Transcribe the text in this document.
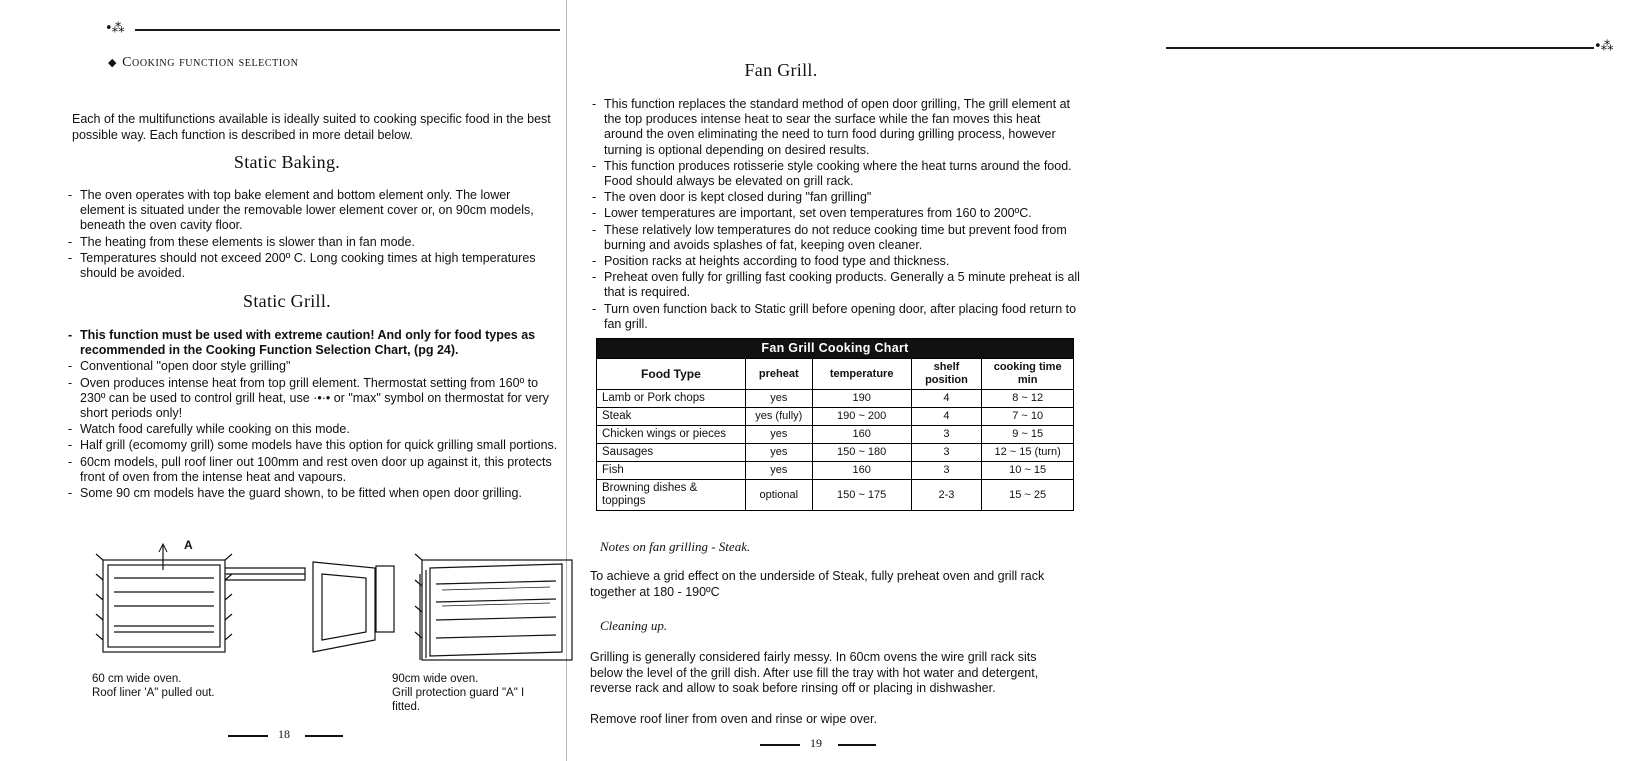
•⁂
◆ Cooking function selection
Each of the multifunctions available is ideally suited to cooking specific food in the best possible way. Each function is described in more detail below.
Static Baking.
- The oven operates with top bake element and bottom element only. The lower element is situated under the removable lower element cover or, on 90cm models, beneath the oven cavity floor.
- The heating from these elements is slower than in fan mode.
- Temperatures should not exceed 200º C. Long cooking times at high temperatures should be avoided.
Static Grill.
- This function must be used with extreme caution! And only for food types as recommended in the Cooking Function Selection Chart, (pg 24).
- Conventional "open door style grilling"
- Oven produces intense heat from top grill element. Thermostat setting from 160º to 230º can be used to control grill heat, use ·•·• or "max" symbol on thermostat for very short periods only!
- Watch food carefully while cooking on this mode.
- Half grill (ecomomy grill) some models have this option for quick grilling small portions.
- 60cm models, pull roof liner out 100mm and rest oven door up against it, this protects front of oven from the intense heat and vapours.
- Some 90 cm models have the guard shown, to be fitted when open door grilling.
A
60 cm wide oven.
Roof liner 'A" pulled out.
90cm wide oven.
Grill protection guard "A" I
fitted.
18
•⁂
Fan Grill.
- This function replaces the standard method of open door grilling, The grill element at the top produces intense heat to sear the surface while the fan moves this heat around the oven eliminating the need to turn food during grilling process, however turning is optional depending on desired results.
- This function produces rotisserie style cooking where the heat turns around the food. Food should always be elevated on grill rack.
- The oven door is kept closed during "fan grilling"
- Lower temperatures are important, set oven temperatures from 160 to 200ºC.
- These relatively low temperatures do not reduce cooking time but prevent food from burning and avoids splashes of fat, keeping oven cleaner.
- Position racks at heights according to food type and thickness.
- Preheat oven fully for grilling fast cooking products. Generally a 5 minute preheat is all that is required.
- Turn oven function back to Static grill before opening door, after placing food return to fan grill.
Fan Grill Cooking Chart				
Food Type	preheat	temperature	shelf position	cooking time min
Lamb or Pork chops	yes	190	4	8 ~ 12
Steak	yes (fully)	190 ~ 200	4	7 ~ 10
Chicken wings or pieces	yes	160	3	9 ~ 15
Sausages	yes	150 ~ 180	3	12 ~ 15 (turn)
Fish	yes	160	3	10 ~ 15
Browning dishes & toppings	optional	150 ~ 175	2-3	15 ~ 25
Notes on fan grilling - Steak.
To achieve a grid effect on the underside of Steak, fully preheat oven and grill rack together at 180 - 190ºC
Cleaning up.
Grilling is generally considered fairly messy. In 60cm ovens the wire grill rack sits below the level of the grill dish. After use fill the tray with hot water and detergent, reverse rack and allow to soak before rinsing off or placing in dishwasher.
Remove roof liner from oven and rinse or wipe over.
19
